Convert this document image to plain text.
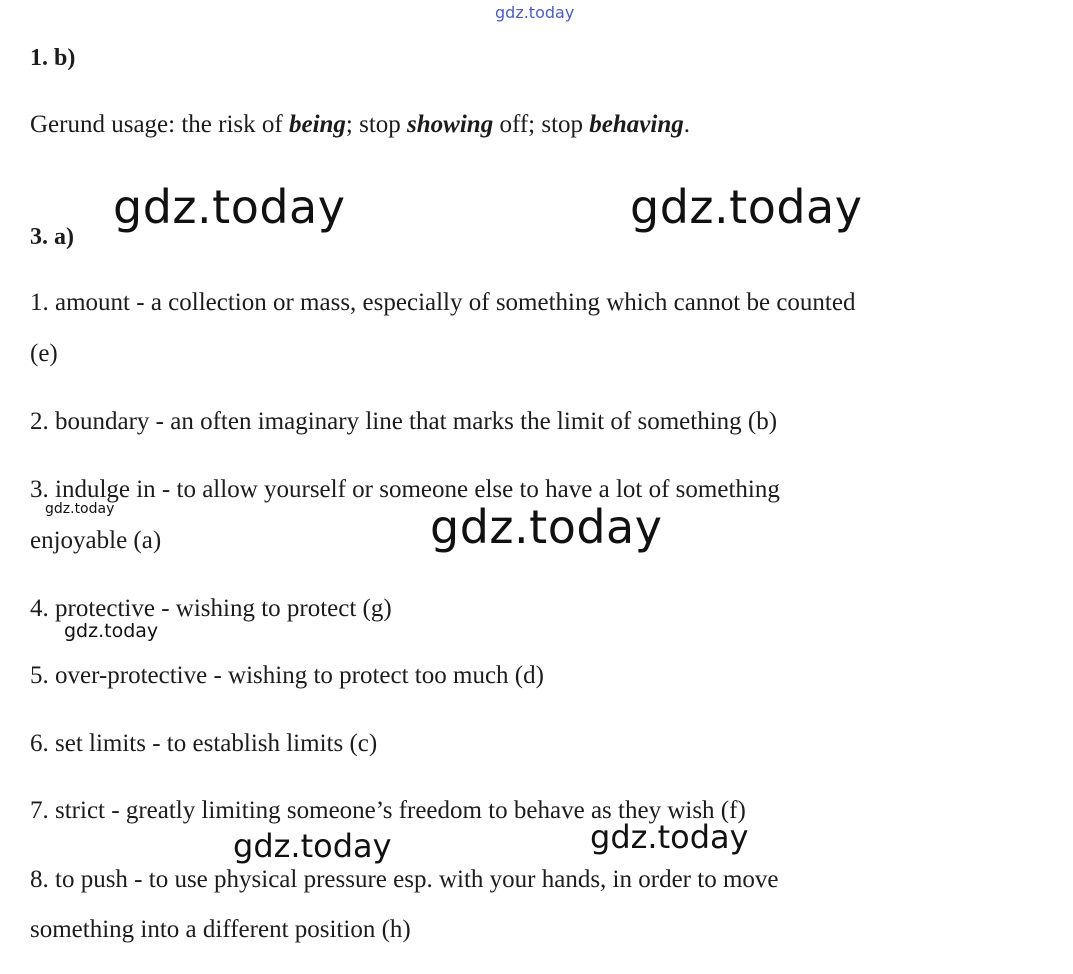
gdz.today
1. b)
Gerund usage: the risk of being; stop showing off; stop behaving.
gdz.today	gdz.today
3. a)
1. amount - a collection or mass, especially of something which cannot be counted
(e)
2. boundary - an often imaginary line that marks the limit of something (b)
3. indulge in - to allow yourself or someone else to have a lot of something
gdz.today
enjoyable (a)	gdz.today
4. protective - wishing to protect (g)
gdz.today
5. over-protective - wishing to protect too much (d)
6. set limits - to establish limits (c)
7. strict - greatly limiting someone’s freedom to behave as they wish (f)
gdz.today	gdz.today
8. to push - to use physical pressure esp. with your hands, in order to move
something into a different position (h)
